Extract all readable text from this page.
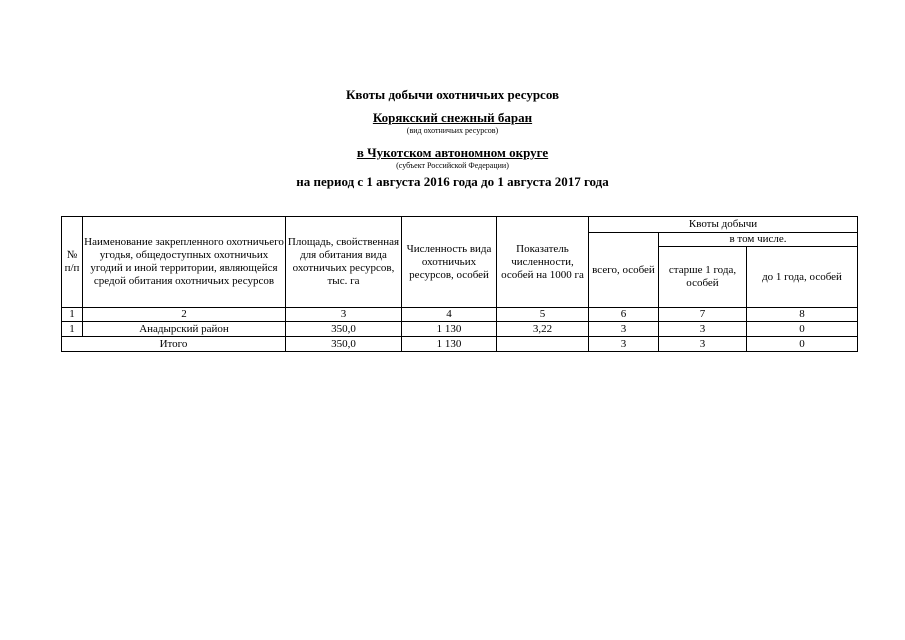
Квоты добычи охотничьих ресурсов
Корякский снежный баран
(вид охотничьих ресурсов)
в Чукотском автономном округе
(субъект Российской Федерации)
на период с 1 августа 2016 года до 1 августа 2017 года
№ п/п	Наименование закрепленного охотничьего угодья, общедоступных охотничьих угодий и иной территории, являющейся средой обитания охотничьих ресурсов	Площадь, свойственная для обитания вида охотничьих ресурсов, тыс. га	Численность вида охотничьих ресурсов, особей	Показатель численности, особей на 1000 га	Квоты добычи		
					всего, особей	в том числе.	
						старше 1 года, особей	до 1 года, особей
1	2	3	4	5	6	7	8
1	Анадырский район	350,0	1 130	3,22	3	3	0
Итого		350,0	1 130		3	3	0
